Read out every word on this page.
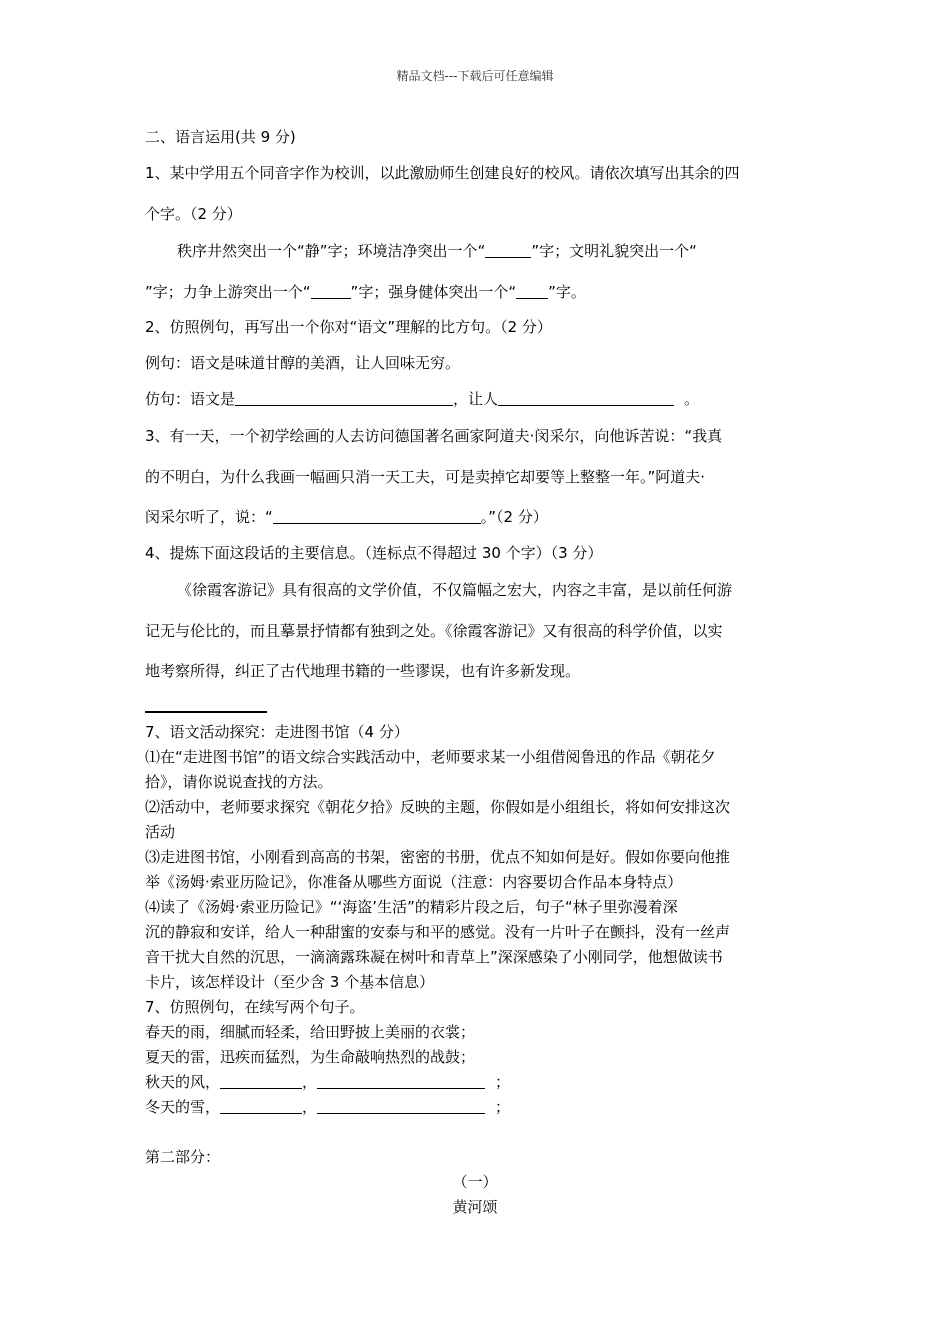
精品文档---下载后可任意编辑
二、语言运用(共 9 分)
1、某中学用五个同音字作为校训，以此激励师生创建良好的校风。请依次填写出其余的四
个字。（2 分）
秩序井然突出一个“静”字；环境洁净突出一个“	”字；文明礼貌突出一个“
”字；力争上游突出一个“	”字；强身健体突出一个“ ”字。
2、仿照例句，再写出一个你对“语文”理解的比方句。（2 分）
例句：语文是味道甘醇的美酒，让人回味无穷。
仿句：语文是	，让人	。
3、有一天，一个初学绘画的人去访问德国著名画家阿道夫·闵采尔，向他诉苦说：“我真
的不明白，为什么我画一幅画只消一天工夫，可是卖掉它却要等上整整一年。”阿道夫·
闵采尔听了，说：“	。”（2 分）
4、提炼下面这段话的主要信息。（连标点不得超过 30 个字）（3 分）
《徐霞客游记》具有很高的文学价值，不仅篇幅之宏大，内容之丰富，是以前任何游
记无与伦比的，而且摹景抒情都有独到之处。《徐霞客游记》又有很高的科学价值，以实
地考察所得，纠正了古代地理书籍的一些谬误，也有许多新发现。
7、语文活动探究：走进图书馆（4 分）
⑴在“走进图书馆”的语文综合实践活动中，老师要求某一小组借阅鲁迅的作品《朝花夕
拾》，请你说说查找的方法。
⑵活动中，老师要求探究《朝花夕拾》反映的主题，你假如是小组组长，将如何安排这次
活动
⑶走进图书馆，小刚看到高高的书架，密密的书册，优点不知如何是好。假如你要向他推
举《汤姆·索亚历险记》，你准备从哪些方面说（注意：内容要切合作品本身特点）
⑷读了《汤姆·索亚历险记》“‘海盗’生活”的精彩片段之后，句子“林子里弥漫着深
沉的静寂和安详，给人一种甜蜜的安泰与和平的感觉。没有一片叶子在颤抖，没有一丝声
音干扰大自然的沉思，一滴滴露珠凝在树叶和青草上”深深感染了小刚同学，他想做读书
卡片，该怎样设计（至少含 3 个基本信息）
7、仿照例句，在续写两个句子。
春天的雨，细腻而轻柔，给田野披上美丽的衣裳；
夏天的雷，迅疾而猛烈，为生命敲响热烈的战鼓；
秋天的风，	，	；
冬天的雪，	，	；
第二部分：
（一）
黄河颂
